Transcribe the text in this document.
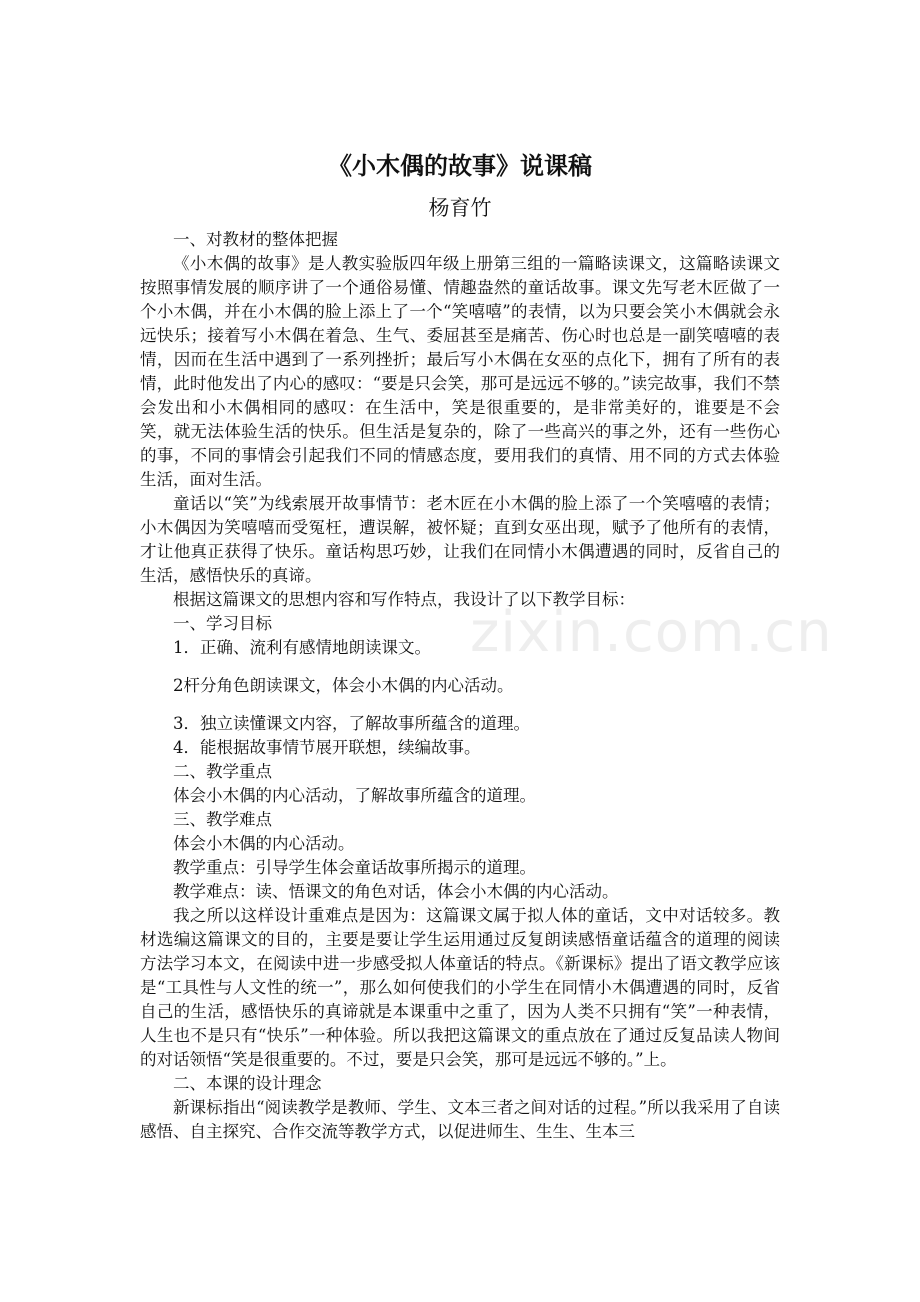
《小木偶的故事》说课稿
杨育竹

一、对教材的整体把握

《小木偶的故事》是人教实验版四年级上册第三组的一篇略读课文，这篇略读课文按照事情发展的顺序讲了一个通俗易懂、情趣盎然的童话故事。课文先写老木匠做了一个小木偶，并在小木偶的脸上添上了一个“笑嘻嘻”的表情，以为只要会笑小木偶就会永远快乐；接着写小木偶在着急、生气、委屈甚至是痛苦、伤心时也总是一副笑嘻嘻的表情，因而在生活中遇到了一系列挫折；最后写小木偶在女巫的点化下，拥有了所有的表情，此时他发出了内心的感叹：“要是只会笑，那可是远远不够的。”读完故事，我们不禁会发出和小木偶相同的感叹：在生活中，笑是很重要的，是非常美好的，谁要是不会笑，就无法体验生活的快乐。但生活是复杂的，除了一些高兴的事之外，还有一些伤心的事，不同的事情会引起我们不同的情感态度，要用我们的真情、用不同的方式去体验生活，面对生活。

童话以“笑”为线索展开故事情节：老木匠在小木偶的脸上添了一个笑嘻嘻的表情；小木偶因为笑嘻嘻而受冤枉，遭误解，被怀疑；直到女巫出现，赋予了他所有的表情，才让他真正获得了快乐。童话构思巧妙，让我们在同情小木偶遭遇的同时，反省自己的生活，感悟快乐的真谛。

根据这篇课文的思想内容和写作特点，我设计了以下教学目标：

一、学习目标

1．正确、流利有感情地朗读课文。

2杆分角色朗读课文，体会小木偶的内心活动。

3．独立读懂课文内容，了解故事所蕴含的道理。

4．能根据故事情节展开联想，续编故事。

二、教学重点

体会小木偶的内心活动，了解故事所蕴含的道理。

三、教学难点

体会小木偶的内心活动。

教学重点：引导学生体会童话故事所揭示的道理。

教学难点：读、悟课文的角色对话，体会小木偶的内心活动。

我之所以这样设计重难点是因为：这篇课文属于拟人体的童话，文中对话较多。教材选编这篇课文的目的，主要是要让学生运用通过反复朗读感悟童话蕴含的道理的阅读方法学习本文，在阅读中进一步感受拟人体童话的特点。《新课标》提出了语文教学应该是“工具性与人文性的统一”，那么如何使我们的小学生在同情小木偶遭遇的同时，反省自己的生活，感悟快乐的真谛就是本课重中之重了，因为人类不只拥有“笑”一种表情，人生也不是只有“快乐”一种体验。所以我把这篇课文的重点放在了通过反复品读人物间的对话领悟“笑是很重要的。不过，要是只会笑，那可是远远不够的。”上。

二、本课的设计理念

新课标指出“阅读教学是教师、学生、文本三者之间对话的过程。”所以我采用了自读感悟、自主探究、合作交流等教学方式，以促进师生、生生、生本三

zixin.com.cn
